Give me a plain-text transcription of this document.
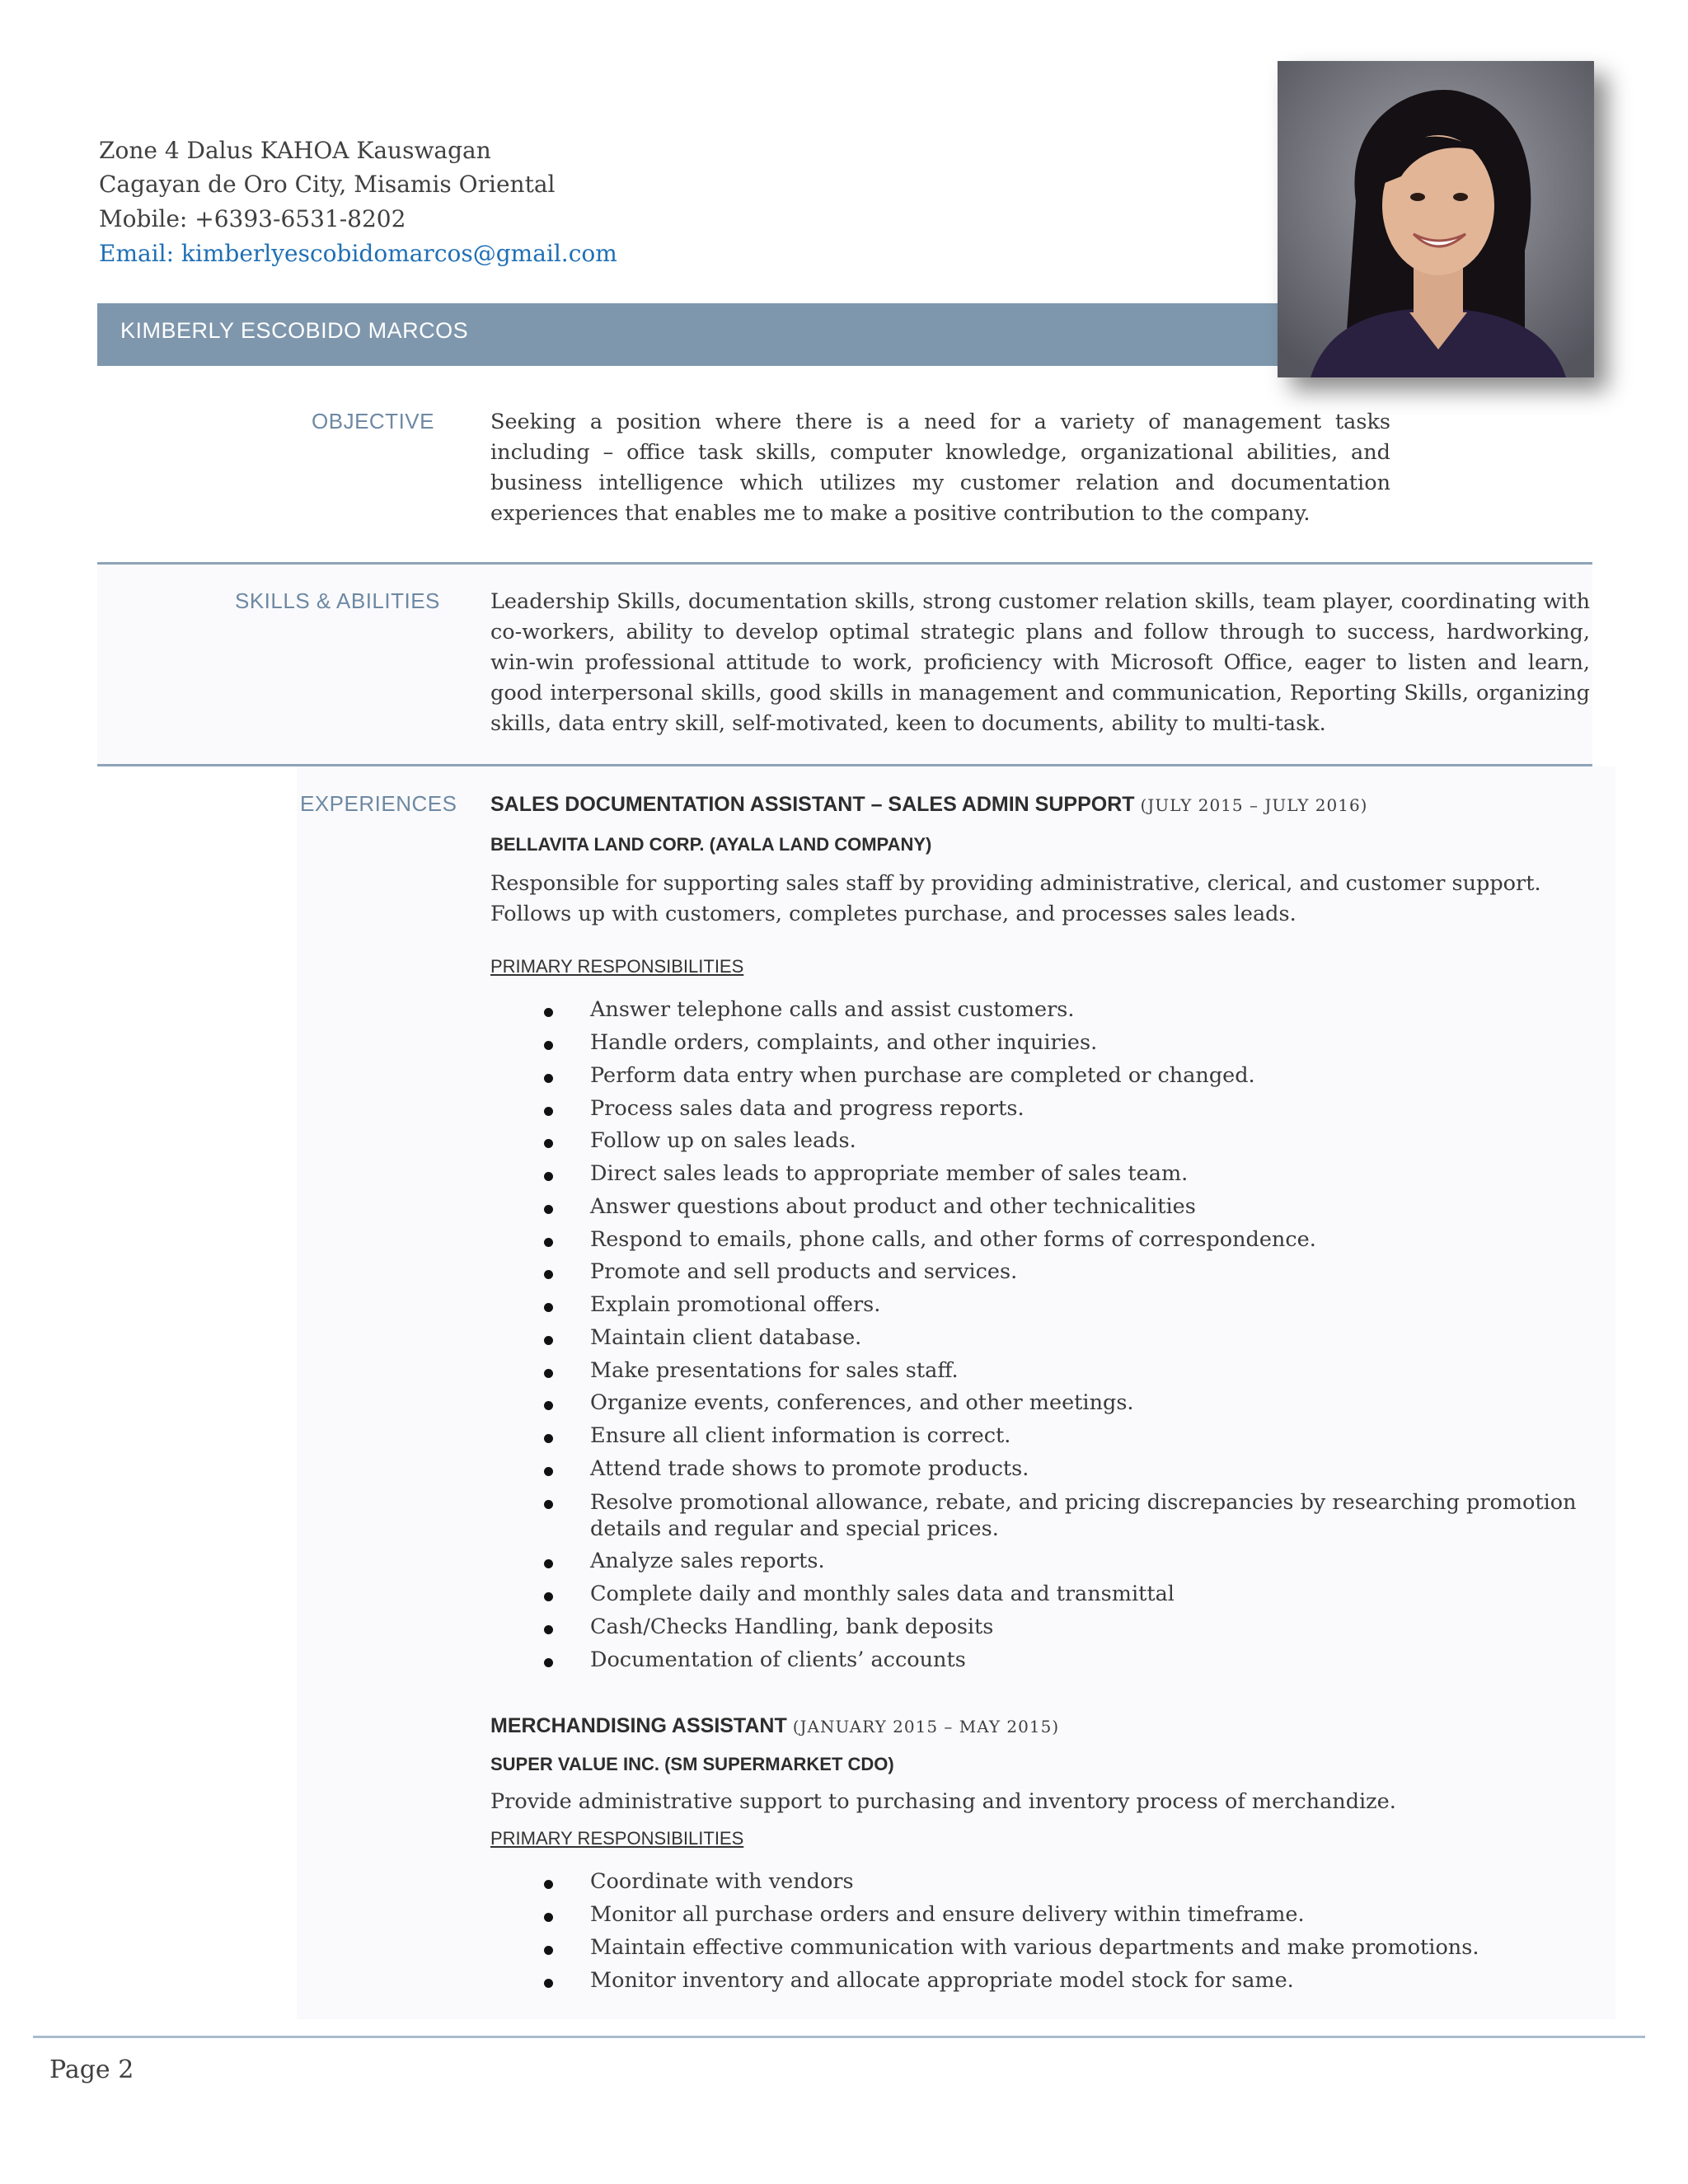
Zone 4 Dalus KAHOA Kauswagan
Cagayan de Oro City, Misamis Oriental
Mobile: +6393-6531-8202
Email: kimberlyescobidomarcos@gmail.com
KIMBERLY ESCOBIDO MARCOS
OBJECTIVE	Seeking a position where there is a need for a variety of management tasks including – office task skills, computer knowledge, organizational abilities, and business intelligence which utilizes my customer relation and documentation experiences that enables me to make a positive contribution to the company.
SKILLS & ABILITIES Leadership Skills, documentation skills, strong customer relation skills, team player, coordinating with co-workers, ability to develop optimal strategic plans and follow through to success, hardworking, win-win professional attitude to work, proficiency with Microsoft Office, eager to listen and learn, good interpersonal skills, good skills in management and communication, Reporting Skills, organizing skills, data entry skill, self-motivated, keen to documents, ability to multi-task.
EXPERIENCES SALES DOCUMENTATION ASSISTANT – SALES ADMIN SUPPORT (JULY 2015 – JULY 2016)
BELLAVITA LAND CORP. (AYALA LAND COMPANY)
Responsible for supporting sales staff by providing administrative, clerical, and customer support. Follows up with customers, completes purchase, and processes sales leads.
PRIMARY RESPONSIBILITIES
Answer telephone calls and assist customers.
Handle orders, complaints, and other inquiries.
Perform data entry when purchase are completed or changed.
Process sales data and progress reports.
Follow up on sales leads.
Direct sales leads to appropriate member of sales team.
Answer questions about product and other technicalities
Respond to emails, phone calls, and other forms of correspondence.
Promote and sell products and services.
Explain promotional offers.
Maintain client database.
Make presentations for sales staff.
Organize events, conferences, and other meetings.
Ensure all client information is correct.
Attend trade shows to promote products.
Resolve promotional allowance, rebate, and pricing discrepancies by researching promotion details and regular and special prices.
Analyze sales reports.
Complete daily and monthly sales data and transmittal
Cash/Checks Handling, bank deposits
Documentation of clients’ accounts
MERCHANDISING ASSISTANT (JANUARY 2015 – MAY 2015)
SUPER VALUE INC. (SM SUPERMARKET CDO)
Provide administrative support to purchasing and inventory process of merchandize.
PRIMARY RESPONSIBILITIES
Coordinate with vendors
Monitor all purchase orders and ensure delivery within timeframe.
Maintain effective communication with various departments and make promotions.
Monitor inventory and allocate appropriate model stock for same.
Page 2
